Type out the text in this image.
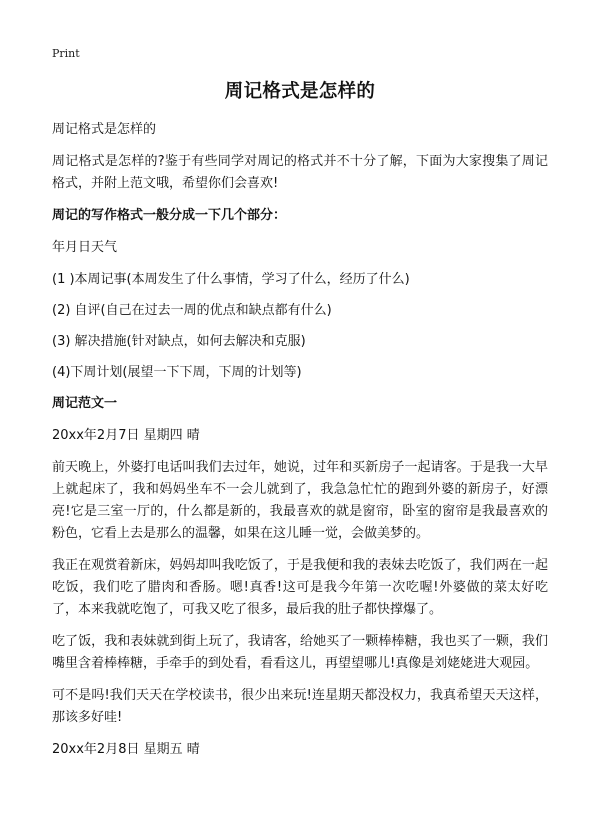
Print
周记格式是怎样的

周记格式是怎样的

周记格式是怎样的?鉴于有些同学对周记的格式并不十分了解，下面为大家搜集了周记格式，并附上范文哦，希望你们会喜欢!

周记的写作格式一般分成一下几个部分：

年月日天气

(1 )本周记事(本周发生了什么事情，学习了什么，经历了什么)

(2) 自评(自己在过去一周的优点和缺点都有什么)

(3) 解决措施(针对缺点，如何去解决和克服)

(4)下周计划(展望一下下周，下周的计划等)

周记范文一

20xx年2月7日 星期四 晴

前天晚上，外婆打电话叫我们去过年，她说，过年和买新房子一起请客。于是我一大早上就起床了，我和妈妈坐车不一会儿就到了，我急急忙忙的跑到外婆的新房子，好漂亮!它是三室一厅的，什么都是新的，我最喜欢的就是窗帘，卧室的窗帘是我最喜欢的粉色，它看上去是那么的温馨，如果在这儿睡一觉，会做美梦的。

我正在观赏着新床，妈妈却叫我吃饭了，于是我便和我的表妹去吃饭了，我们两在一起吃饭，我们吃了腊肉和香肠。嗯!真香!这可是我今年第一次吃喔!外婆做的菜太好吃了，本来我就吃饱了，可我又吃了很多，最后我的肚子都快撑爆了。

吃了饭，我和表妹就到街上玩了，我请客，给她买了一颗棒棒糖，我也买了一颗，我们嘴里含着棒棒糖，手牵手的到处看，看看这儿，再望望哪儿!真像是刘姥姥进大观园。

可不是吗!我们天天在学校读书，很少出来玩!连星期天都没权力，我真希望天天这样，那该多好哇!

20xx年2月8日 星期五 晴
